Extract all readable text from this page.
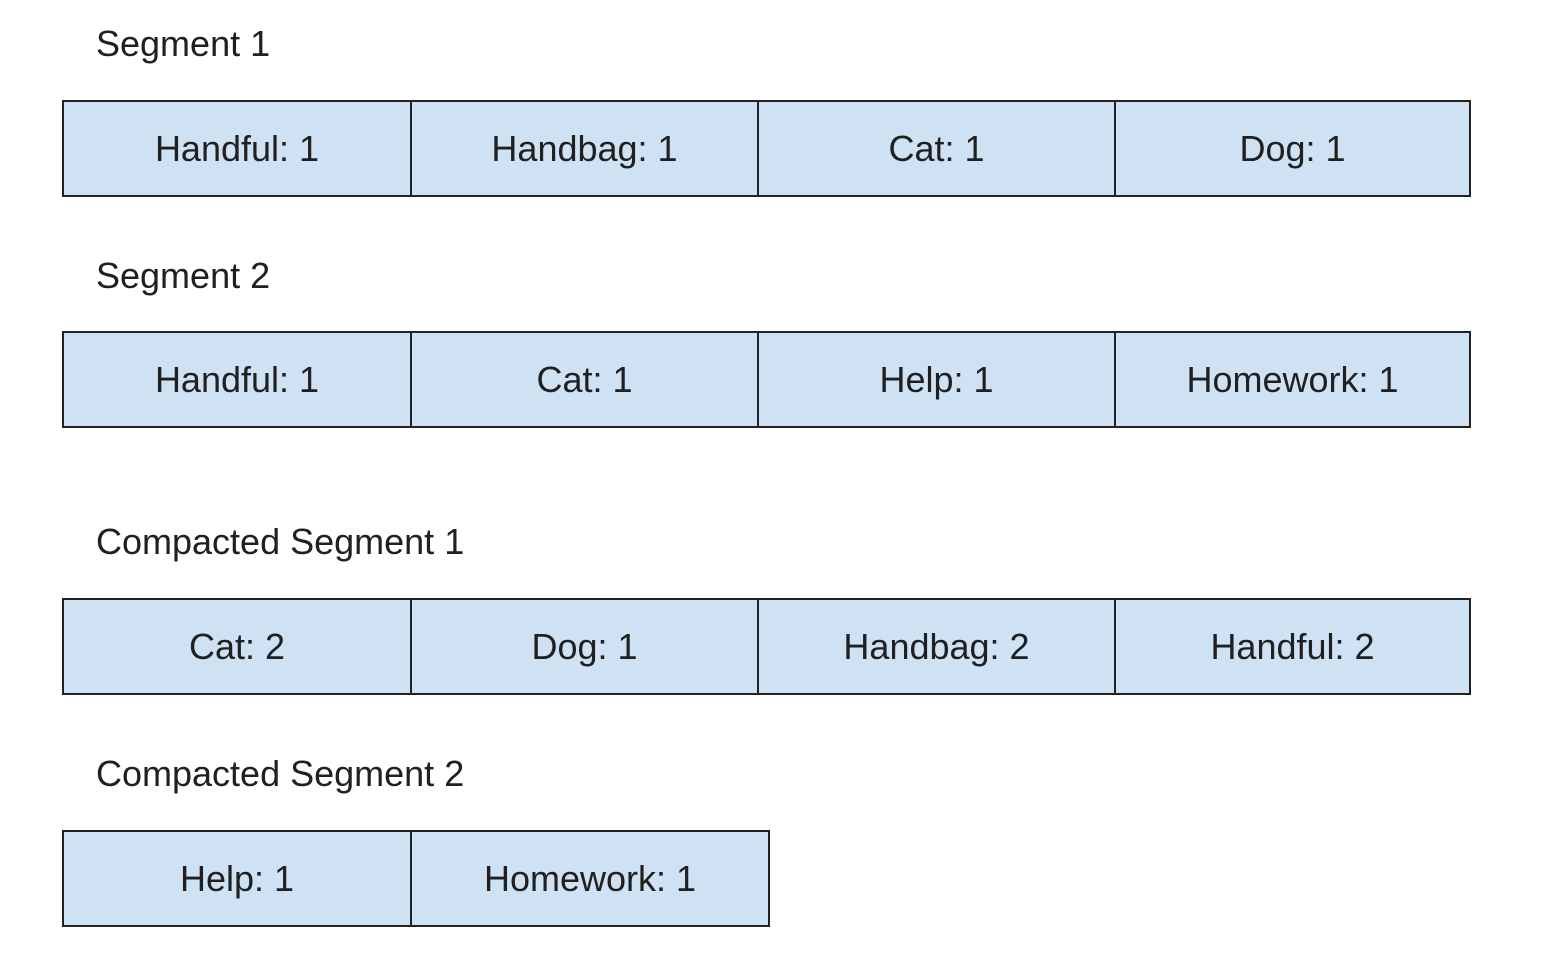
Segment 1
Handful: 1	Handbag: 1	Cat: 1	Dog: 1
Segment 2
Handful: 1	Cat: 1	Help: 1	Homework: 1
Compacted Segment 1
Cat: 2	Dog: 1	Handbag: 2	Handful: 2
Compacted Segment 2
Help: 1	Homework: 1
